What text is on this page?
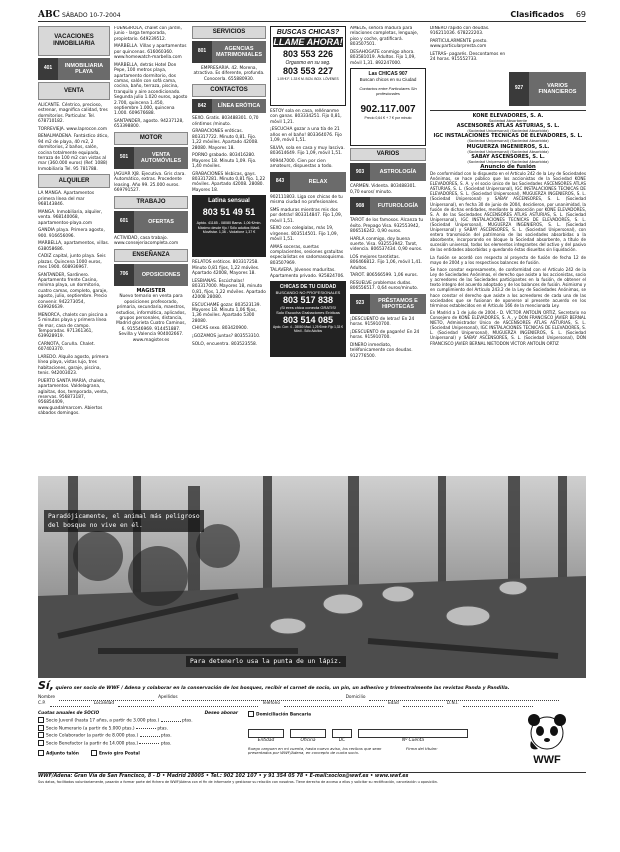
ABC SÁBADO 10-7-2004	Clasificados 69
VACACIONES INMOBILIARIA
401	INMOBILIARIA PLAYA
VENTA

ALICANTE. Céntrico, precioso, estrenar, magnífica calidad, tres dormitorios. Particular. Tel. 678710182.

TORREVIEJA. www.laprocon.com

BENALMADENA. Fantástico ático, 94 m2 de playa, 40 m2, 2 dormitorios, 2 baños, salón, cocina totalmente equipada, terraza de 100 m2 con vistas al mar (360.000 euros) (Ref. 1088) Inmobiliaria Tel. 95 781788.

ALQUILER

LA MANGA. Apartamentos primera línea del mar 968143846.

MANGA. Inmobiliaria, alquiler, venta. 968140068, apartamentos-playa.com

GANDIA playa. Primera agosto, 900. 916656096.

MARBELLA, apartamentos, villas. 638058686.

CADIZ capital, junto playa. Seis plazas. Quincena 1000 euros, mes 1900. 608936967.

SANTANDER, Sardinero. Apartamento frente Casino, mínima playa, un dormitorio, cuatro camas, completo, garaje, agosto, julio, septiembre. Precio convenir. 942273054, 639926639.

MENORCA, chalets con piscina a 5 minutos playa y primera línea de mar, casa de campo. Temporadas. 971361361, 639928919.

CARNOTA, Coruña. Chalet. 607403370.

LAREDO. Alquilo agosto, primera línea playa, vistas lujo, tres habitaciones, garaje, piscina, tenis. 942003023.

PUERTO SANTA MARIA, chalets, apartamentos. Valdelagrana, aglaitas, dos, temporada, venta, reservas. 956873187, 956854409, www.guadalmarcom. Abiertos sábados domingos.

FUENGIROLA, chalet con jardín, junio - larga temporada, propietario. 649239512.

MARBELLA. Villas y apartamentos por quincenas. 616060360. www.homewatch-marbella.com

MARBELLA, detrás Hotel Don Pepe, 100 metros playa, apartamento dormitorio, dos camas, salón con sofá cama, cocina, baño, terraza, piscina, tranquilo y aire acondicionado. Segunda julio 1.020 euros, agosto 2.700, quincena 1.450, septiembre 1.000, quincena 1.000. 609676688.

SANTANDER, agosto. 94237128, 653398800.

MOTOR
501	VENTA AUTOMÓVILES

JAGUAR XJ8. Ejecutiva. Gris clara. Automático, extras. Procedente leasing. Año 99. 25.000 euros. 669791527.

TRABAJO
601	OFERTAS

ACTIVIDAD, casa trabajo. www.consejeriacompleta.com

ENSEÑANZA
706	OPOSICIONES
MAGISTER
Nuevo temario en venta para oposiciones profesorado, primaria, secundaria, maestros, estudios, informática, aplicados, grupos personales, distancia, Madrid glorieta Cuatro Caminos, 6. 915546969. 914451887. Sevilla y Valencia 904002667. www.magister.es
SERVICIOS
801	AGENCIAS MATRIMONIALES

EMPRESARIA. 42. Morena, atractiva. Es diferente, profunda. Conocerla. 655880930.

CONTACTOS
842	LÍNEA ERÓTICA

SEXO. Gratis. 803488301. 0,70 céntimos /minuto.

GRABACIONES eróticas. 803317722. Minuto 0,81. Fijo. 1,22 móviles. Apartado 42008. 28080. Mayores 18.

PORNO grabado. 803416280. Mayores 18. Minuto 1,09. Fijo. 1,40 móviles.

GRABACIONES lésbicas, gays. 803317281. Minuto 0,81 fijo. 1,22 móviles. Apartado 42008. 28080. Mayores 18.

Latina sensual
803 51 49 51
Aptdo. 41185 - 08080 Barna. 1,06 €/min. Máximo desde fijo / Sólo adultos Máx6. Movilstar. 1,36 - Vodafone 1,37 €

RELATOS eróticos. 803317258. Minuto 0,81 fijos, 1,22 móviles. Apartado 42008, Mayores 18.

LESBIANAS. Escúchalas! 803317000. Mayores 18, minuto 0,81, fijos, 1,22 móviles. Apartado 42008 28080.

ESCUCHAME gozar. 803523139. Mayores 18. Minuto 1,06 fijos, 1,36 móviles. Apartado 5300 28080.

CHICAS sexo. 803420900.

¡GOZAMOS juntas? 803553310.

SOLO, encuentra. 803523558.

BUSCAS CHICAS?
LLAME AHORA!
803 553 226
Orgasmo en su seg.
803 553 227
1.09 € F. 1.33 € M. BCN. BOX. LÓVENES

ESTOY sola en casa, rellénanme con ganas. 803334251. Fijo 0,81, móvil 1,21.

¡ESCUCHA gozar a una tía de 21 años en el baño! 803364076. Fijo 1,09, móvil 1,51.

SILVIA, sola en casa y muy lasciva. 803614649. Fijo 1,09, móvil 1,51.

909447000. Cien por cien amateurs, dispuestas a todo.

843	RELAX

902111803. Liga con chicas de tu misma ciudad no profesionales.

SMS maduras mientras mis dos por detrás! 803314847. Fijo 1,09, móvil 1,51.

SEXO con colegialas, más 19, vírgenes. 803514501. Fijo 1,09, móvil 1,51.

AMAS soceras, suertas complacientes, sesiones gratuitas especialistas en sadomasoquismo. 803507969.

TALAVERA. Jóvenes maduritas. Apartamento privado. 925824706.

CHICAS DE TU CIUDAD
BUSCANDO NO PROFESIONALES
803 517 838
¡Si eres chica conecta GRATIS!
Solo Escucha Grabaciones Eróticas
803 514 085
Apdo. Corr. 4 - 28080 Mad. 1,25 €/min Fijo 1,33 € Móvil - Sólo Adultos

AMELIS, señora madura para relaciones completas, lenguaje, piso y coche, gratificará. 803507501.

DESAHOGATE conmigo ahora. 803581019. Adultos. Fijo 1,09, móvil 1,31. 892247000.

Las CHICAS 907
Buscan chicos en su Ciudad
Contactos entre Particulares Sin profesionales
902.117.007
Precio 0,64 € + 7 € por minuto
VARIOS
903	ASTROLOGÍA

CARMEN. Videnta. 803488301. 0,70 euros/ minuto.

908	FUTUROLOGÍA

TAROT de los famosos. Alcanza tu éxito. Prepago Visa. 932553942, 806516242. 0,90 euros.

HARLA conmigo, doy buena suerte. Visa. 932553942. Tarot, videncia. 806537434. 0,90 euros.

LOS mejores tarotistas. 806466812. Fijo 1,06, móvil 1,41. Adultos.

TAROT. 806566599. 1,06 euros.

RESUELVE problemas dudas. 806556517. 0,64 euros/minuto.

923	PRÉSTAMOS E HIPOTECAS

¡DESCUENTO de letras! En 24 horas. 915910700.

¡DESCUENTO de pagarés! En 24 horas. 915910700.

DINERO inmediato, teléfonicamente con deudas. 912776500.

DINERO rápido con deudas. 916211036. 678222203.

PARTICULARMENTE presto. www.particularpresta.com

LETRAS- pagarés. Descontamos en 24 horas. 915552733.

927	VARIOS FINANCIEROS
KONE ELEVADORES, S. A.
Sociedad Absorbente
ASCENSORES ATLAS ASTURIAS, S. L.
(Sociedad Unipersonal) (Sociedad Absorbida)
IGC INSTALACIONES TECNICAS DE ELEVADORES, S. L.
(Sociedad Unipersonal) (Sociedad Absorbida)
MUGUERZA INGENIEROS, S.L.
(Sociedad Unipersonal) (Sociedad Absorbida)
SABAY ASCENSORES, S. L.
(Sociedad Unipersonal) (Sociedad Absorbida)
Anuncio de fusión

De conformidad con lo dispuesto en el Artículo 242 de la Ley de Sociedades Anónimas, se hace público que los accionistas de la Sociedad KONE ELEVADORES, S. A. y el socio único de las Sociedades ASCENSORES ATLAS ASTURIAS, S. L. (Sociedad Unipersonal), IGC INSTALACIONES TECNICAS DE ELEVADORES, S. L. (Sociedad Unipersonal), MUGUERZA INGENIEROS, S. L. (Sociedad Unipersonal) y SABAY ASCENSORES, S. L. (Sociedad Unipersonal), en fecha 30 de junio de 2004, decidieron, por unanimidad, la fusión de dichas entidades, mediante la absorción por KONE ELEVADORES, S. A. de las Sociedades ASCENSORES ATLAS ASTURIAS, S. L. (Sociedad Unipersonal), IGC INSTALACIONES TECNICAS DE ELEVADORES, S. L. (Sociedad Unipersonal), MUGUERZA INGENIEROS, S. L. (Sociedad Unipersonal) y SABAY ASCENSORES, S. L. (Sociedad Unipersonal), con entera transmisión del patrimonio de las sociedades absorbidas a la absorbente, incorporando en bloque la Sociedad absorbente, a título de sucesión universal, todos los elementos integrantes del activo y del pasivo de las entidades absorbidas y quedando éstas disueltas sin liquidación.

La fusión se acordó con respecto al proyecto de fusión de fecha 12 de mayo de 2004 y a los respectivos balances de fusión.

Se hace constar expresamente, de conformidad con el Artículo 242 de la Ley de Sociedades Anónimas, el derecho que asiste a los accionistas, socio y acreedores de las Sociedades participantes en la fusión, de obtener el texto íntegro del acuerdo adoptado y de los balances de fusión. Asimismo y en cumplimiento del Artículo 243.2 de la Ley de Sociedades Anónimas, se hace constar el derecho que asiste a los acreedores de cada una de las sociedades que se fusionan de oponerse al presente acuerdo en los términos establecidos en el Artículo 166 de la mencionada Ley.

En Madrid a 1 de julio de 2004.- D. VÍCTOR ANTOLÍN ORTIZ, Secretario no Consejero de KONE ELEVADORES, S. A., y DON FRANCISCO JAVIER BERNAL NIETO, Administrador Único de ASCENSORES ATLAS ASTURIAS, S. L. (Sociedad Unipersonal), IGC INSTALACIONES TECNICAS DE ELEVADORES, S. L. (Sociedad Unipersonal), MUGUERZA INGENIEROS, S. L. (Sociedad Unipersonal) y SABAY ASCENSORES, S. L. (Sociedad Unipersonal), DON FRANCISCO JAVIER BERNAL NIETODON VÍCTOR ANTOLÍN ORTIZ

Paradójicamente, el animal más peligroso
del bosque no vive en él.
Para detenerlo usa la punta de un lápiz.
Sí, quiero ser socio de WWF / Adena y colaborar en la conservación de los bosques, recibir el carnet de socio, un pin, un adhesivo y trimestralmente las revistas Panda y Pandilla.
Nombre	Apellidos	Domicilio
C.P.	Localidad	Teléfono	Edad	D.N.I.
Cuotas anuales de SOCIO	Deseo abonar
Socio Juvenil (hasta 17 años, a partir de 3.000 ptas.)	ptas.
Socio Numerario (a partir de 5.000 ptas.)	ptas.
Socio Colaborador (a partir de 8.000 ptas.)	ptas.
Socio Benefactor (a partir de 14.000 ptas.)	ptas.
Adjunto talón	Envío giro Postal
Domiciliación Bancaria
Entidad	Oficina	DC	Nº Cuenta
Ruego carguen en mi cuenta, hasta nuevo aviso, los recibos que sean presentados por WWF/Adena, en concepto de cuota socio.
Firma del titular:
WWF
WWF/Adena: Gran Vía de San Francisco, 8 - D • Madrid 28005 • Tel.: 902 102 107 • y 91 354 05 78 • E-mail:socios@wwf.es • www.wwf.es
Sus datos, facilitados voluntariamente, pasarán a formar parte del fichero de WWF/Adena con el fin de informarle y gestionar su relación con nosotros. Tiene derecho de acceso a ellos y solicitar su rectificación, cancelación u oposición.
